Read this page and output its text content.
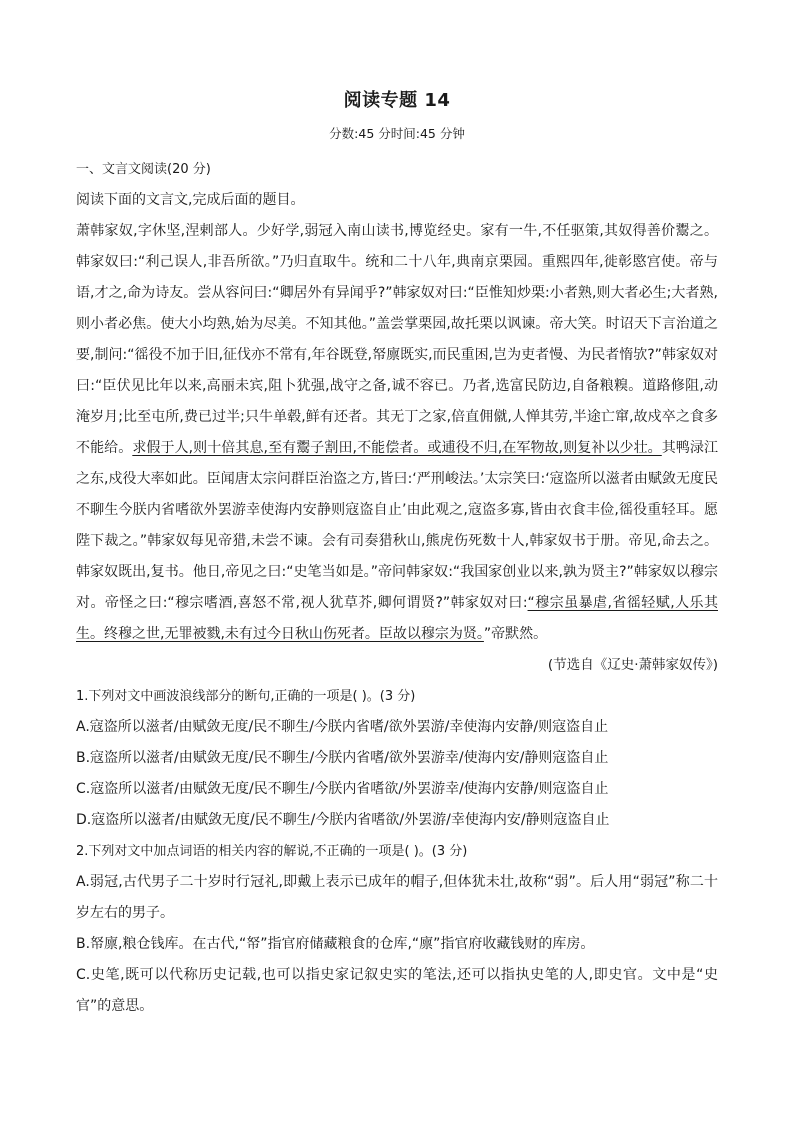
阅读专题 14
分数:45 分时间:45 分钟

一、文言文阅读(20 分)

阅读下面的文言文,完成后面的题目。

萧韩家奴,字休坚,涅剌部人。少好学,弱冠入南山读书,博览经史。家有一牛,不任驱策,其奴得善价鬻之。韩家奴曰:“利己误人,非吾所欲。”乃归直取牛。统和二十八年,典南京栗园。重熙四年,徙彰愍宫使。帝与语,才之,命为诗友。尝从容问曰:“卿居外有异闻乎?”韩家奴对曰:“臣惟知炒栗:小者熟,则大者必生;大者熟,则小者必焦。使大小均熟,始为尽美。不知其他。”盖尝掌栗园,故托栗以讽谏。帝大笑。时诏天下言治道之要,制问:“徭役不加于旧,征伐亦不常有,年谷既登,帑廪既实,而民重困,岂为吏者慢、为民者惰欤?”韩家奴对曰:“臣伏见比年以来,高丽未宾,阻卜犹强,战守之备,诚不容已。乃者,选富民防边,自备粮糗。道路修阻,动淹岁月;比至屯所,费已过半;只牛单毂,鲜有还者。其无丁之家,倍直佣僦,人惮其劳,半途亡窜,故戍卒之食多不能给。求假于人,则十倍其息,至有鬻子割田,不能偿者。或逋役不归,在军物故,则复补以少壮。其鸭渌江之东,戍役大率如此。臣闻唐太宗问群臣治盗之方,皆曰:‘严刑峻法。’太宗笑曰:‘寇盗所以滋者由赋敛无度民不聊生今朕内省嗜欲外罢游幸使海内安静则寇盗自止’由此观之,寇盗多寡,皆由衣食丰俭,徭役重轻耳。愿陛下裁之。”韩家奴每见帝猎,未尝不谏。会有司奏猎秋山,熊虎伤死数十人,韩家奴书于册。帝见,命去之。韩家奴既出,复书。他日,帝见之曰:“史笔当如是。”帝问韩家奴:“我国家创业以来,孰为贤主?”韩家奴以穆宗对。帝怪之曰:“穆宗嗜酒,喜怒不常,视人犹草芥,卿何谓贤?”韩家奴对曰:“穆宗虽暴虐,省徭轻赋,人乐其生。终穆之世,无罪被戮,未有过今日秋山伤死者。臣故以穆宗为贤。”帝默然。

(节选自《辽史·萧韩家奴传》)

1.下列对文中画波浪线部分的断句,正确的一项是( )。(3 分)

A.寇盗所以滋者/由赋敛无度/民不聊生/今朕内省嗜/欲外罢游/幸使海内安静/则寇盗自止

B.寇盗所以滋者/由赋敛无度/民不聊生/今朕内省嗜/欲外罢游幸/使海内安/静则寇盗自止

C.寇盗所以滋者/由赋敛无度/民不聊生/今朕内省嗜欲/外罢游幸/使海内安静/则寇盗自止

D.寇盗所以滋者/由赋敛无度/民不聊生/今朕内省嗜欲/外罢游/幸使海内安/静则寇盗自止

2.下列对文中加点词语的相关内容的解说,不正确的一项是( )。(3 分)

A.弱冠,古代男子二十岁时行冠礼,即戴上表示已成年的帽子,但体犹未壮,故称“弱”。后人用“弱冠”称二十岁左右的男子。

B.帑廪,粮仓钱库。在古代,“帑”指官府储藏粮食的仓库,“廪”指官府收藏钱财的库房。

C.史笔,既可以代称历史记载,也可以指史家记叙史实的笔法,还可以指执史笔的人,即史官。文中是“史官”的意思。
